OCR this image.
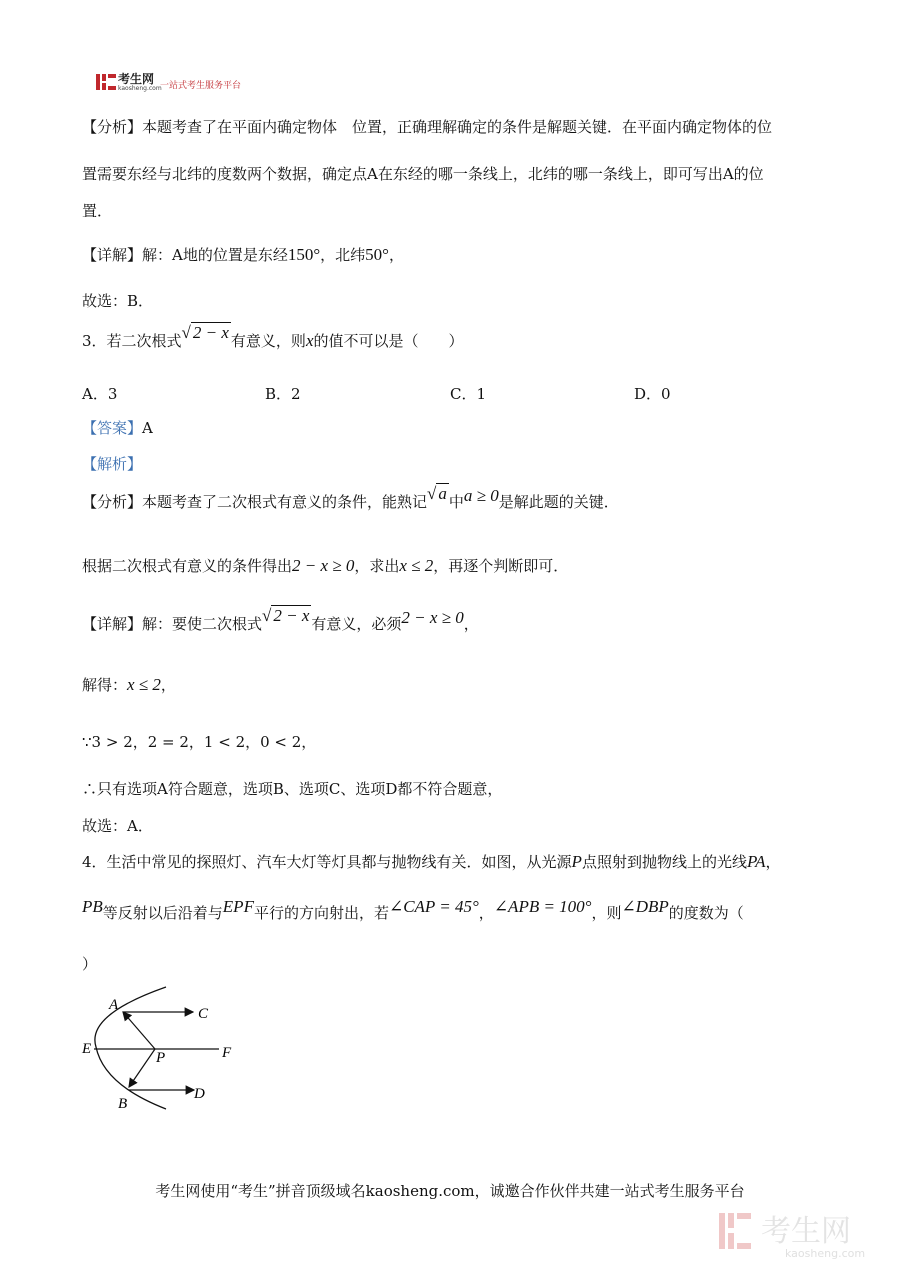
考生网
kaosheng.com
一站式考生服务平台
【分析】本题考查了在平面内确定物体　位置，正确理解确定的条件是解题关键．在平面内确定物体的位
置需要东经与北纬的度数两个数据，确定点A在东经的哪一条线上，北纬的哪一条线上，即可写出A的位
置．
【详解】解：A地的位置是东经150°，北纬50°，
故选：B．
3．若二次根式√ 2 − x 有意义，则x的值不可以是（　　）
A．3	B．2	C．1	D．0
【答案】A
【解析】
【分析】本题考查了二次根式有意义的条件，能熟记√ a 中a ≥ 0是解此题的关键．
根据二次根式有意义的条件得出2 − x ≥ 0，求出x ≤ 2，再逐个判断即可．
【详解】解：要使二次根式√ 2 − x 有意义，必须2 − x ≥ 0，
解得：x ≤ 2，
∵3 > 2，2 = 2，1 < 2，0 < 2，
∴只有选项A符合题意，选项B、选项C、选项D都不符合题意，
故选：A．
4．生活中常见的探照灯、汽车大灯等灯具都与抛物线有关．如图，从光源P点照射到抛物线上的光线PA，
PB等反射以后沿着与EPF平行的方向射出，若∠CAP = 45°，∠APB = 100°，则∠DBP的度数为（
）
A
C
E
P	F
D
B
考生网使用“考生”拼音顶级域名kaosheng.com，诚邀合作伙伴共建一站式考生服务平台
考生网
kaosheng.com
